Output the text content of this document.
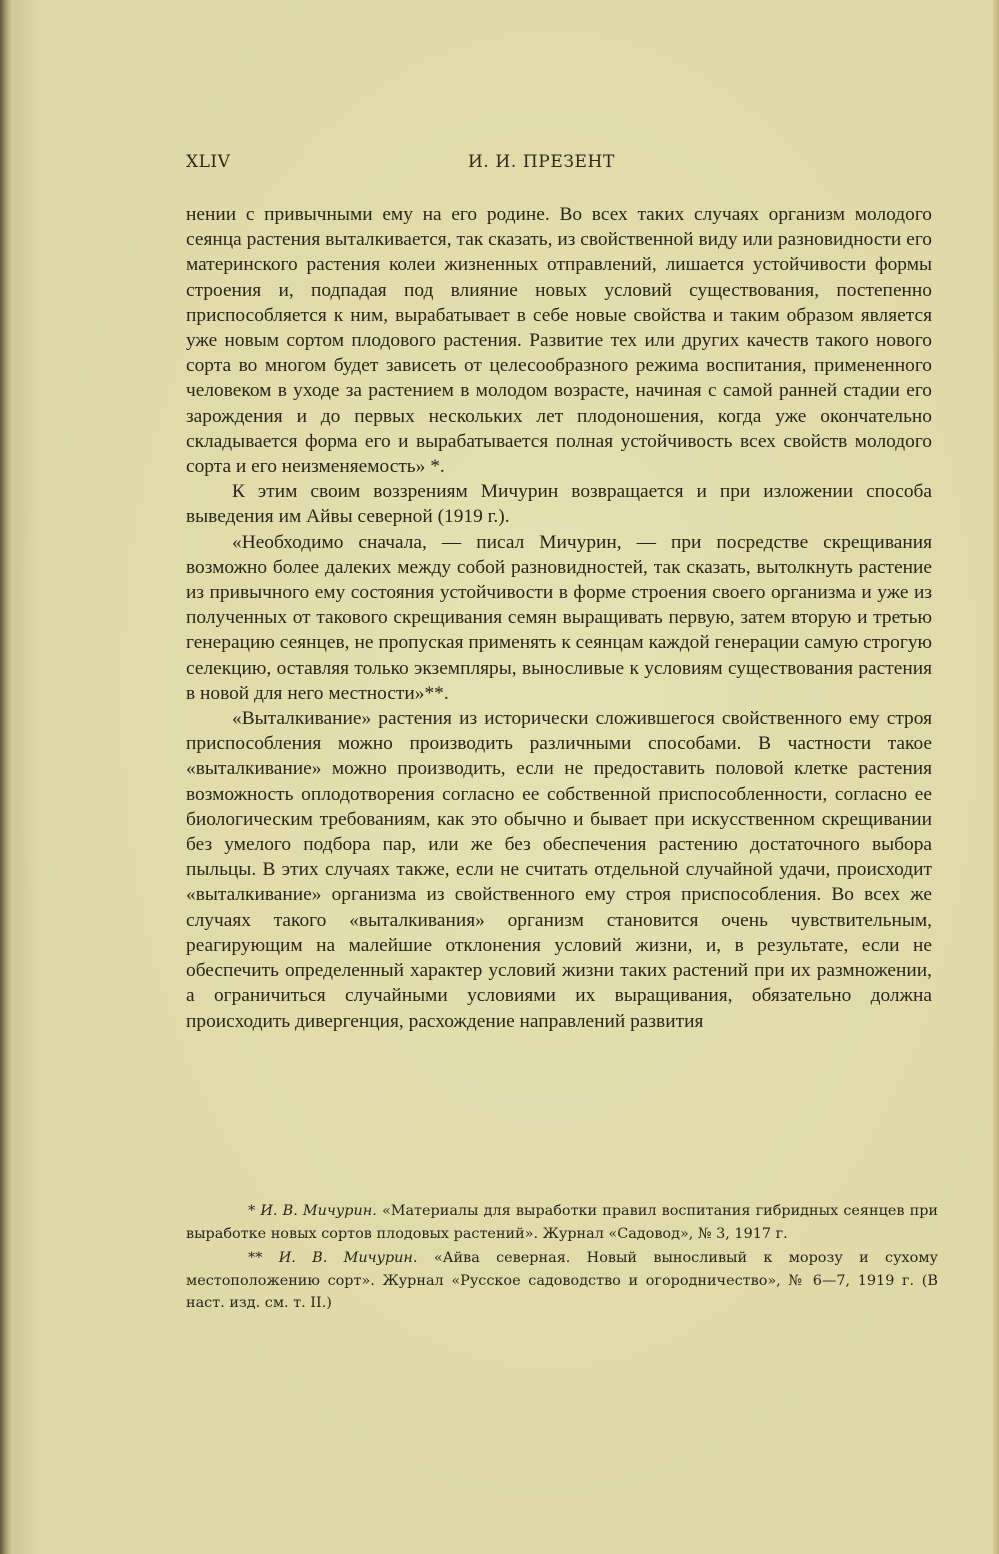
XLIV	И. И. ПРЕЗЕНТ

нении с привычными ему на его родине. Во всех таких случаях организм молодого сеянца растения выталкивается, так сказать, из свойственной виду или разновидности его материнского растения колеи жизненных отправлений, лишается устойчивости формы строения и, подпадая под влияние новых условий существования, постепенно приспособляется к ним, вырабатывает в себе новые свойства и таким образом является уже новым сортом плодового растения. Развитие тех или других качеств такого нового сорта во многом будет зависеть от целесообразного режима воспитания, примененного человеком в уходе за растением в молодом возрасте, начиная с самой ранней стадии его зарождения и до первых нескольких лет плодоношения, когда уже окончательно складывается форма его и вырабатывается полная устойчивость всех свойств молодого сорта и его неизменяемость» *.

К этим своим воззрениям Мичурин возвращается и при изложении способа выведения им Айвы северной (1919 г.).

«Необходимо сначала, — писал Мичурин, — при посредстве скрещивания возможно более далеких между собой разновидностей, так сказать, вытолкнуть растение из привычного ему состояния устойчивости в форме строения своего организма и уже из полученных от такового скрещивания семян выращивать первую, затем вторую и третью генерацию сеянцев, не пропуская применять к сеянцам каждой генерации самую строгую селекцию, оставляя только экземпляры, выносливые к условиям существования растения в новой для него местности»**.

«Выталкивание» растения из исторически сложившегося свойственного ему строя приспособления можно производить различными способами. В частности такое «выталкивание» можно производить, если не предоставить половой клетке растения возможность оплодотворения согласно ее собственной приспособленности, согласно ее биологическим требованиям, как это обычно и бывает при искусственном скрещивании без умелого подбора пар, или же без обеспечения растению достаточного выбора пыльцы. В этих случаях также, если не считать отдельной случайной удачи, происходит «выталкивание» организма из свойственного ему строя приспособления. Во всех же случаях такого «выталкивания» организм становится очень чувствительным, реагирующим на малейшие отклонения условий жизни, и, в результате, если не обеспечить определенный характер условий жизни таких растений при их размножении, а ограничиться случайными условиями их выращивания, обязательно должна происходить дивергенция, расхождение направлений развития

* И. В. Мичурин. «Материалы для выработки правил воспитания гибридных сеянцев при выработке новых сортов плодовых растений». Журнал «Садовод», № 3, 1917 г.

** И. В. Мичурин. «Айва северная. Новый выносливый к морозу и сухому местоположению сорт». Журнал «Русское садоводство и огородничество», № 6—7, 1919 г. (В наст. изд. см. т. II.)
